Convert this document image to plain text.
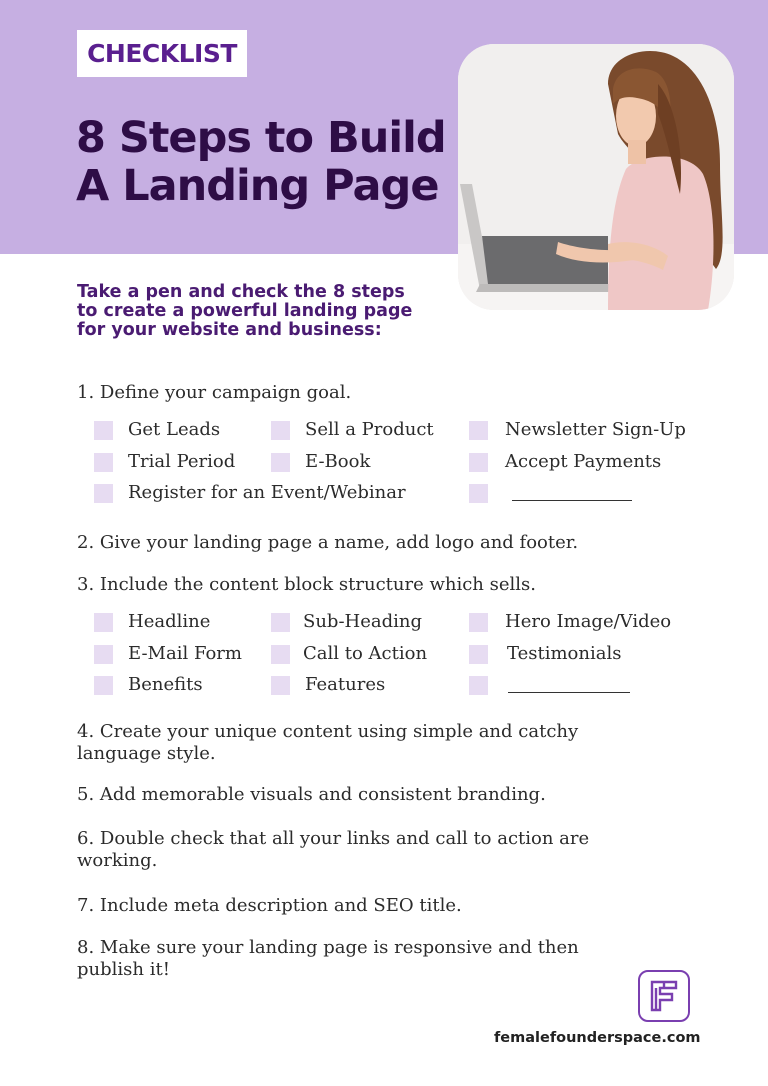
CHECKLIST
8 Steps to Build
A Landing Page
Take a pen and check the 8 steps
to create a powerful landing page
for your website and business:
1. Define your campaign goal.
Get Leads	Sell a Product	Newsletter Sign-Up
Trial Period	E-Book	Accept Payments
Register for an Event/Webinar
2. Give your landing page a name, add logo and footer.
3. Include the content block structure which sells.
Headline	Sub-Heading	Hero Image/Video
E-Mail Form	Call to Action	Testimonials
Benefits	Features
4. Create your unique content using simple and catchy
language style.
5. Add memorable visuals and consistent branding.
6. Double check that all your links and call to action are
working.
7. Include meta description and SEO title.
8. Make sure your landing page is responsive and then
publish it!
femalefounderspace.com
